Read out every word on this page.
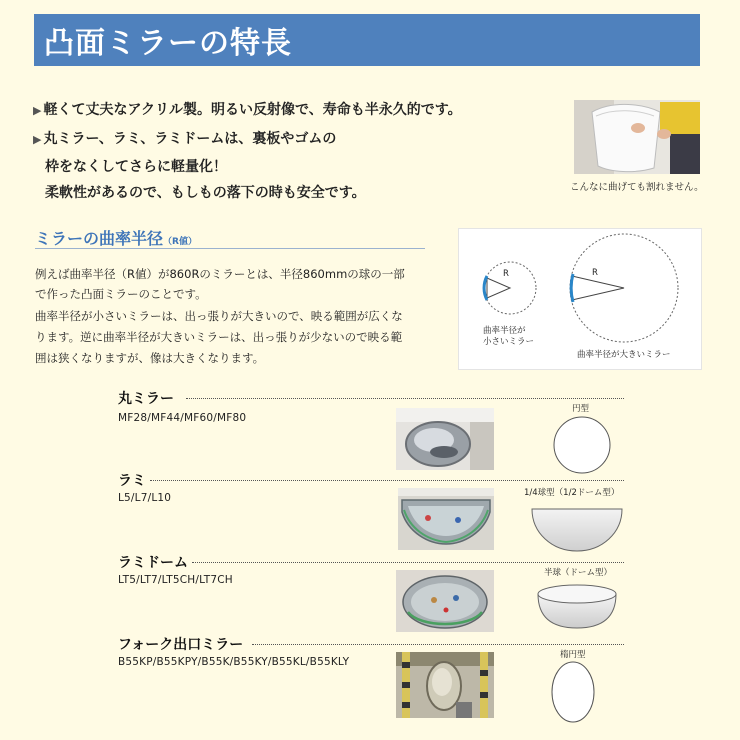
凸面ミラーの特長
▶ 軽くて丈夫なアクリル製。明るい反射像で、寿命も半永久的です。
▶ 丸ミラー、ラミ、ラミドームは、裏板やゴムの
枠をなくしてさらに軽量化！
柔軟性があるので、もしもの落下の時も安全です。	こんなに曲げても割れません。
ミラーの曲率半径（R値）
例えば曲率半径（R値）が860Rのミラーとは、半径860mmの球の一部
で作った凸面ミラーのことです。
曲率半径が小さいミラーは、出っ張りが大きいので、映る範囲が広くな
ります。逆に曲率半径が大きいミラーは、出っ張りが少ないので映る範
囲は狭くなりますが、像は大きくなります。
R	R
曲率半径が
小さいミラー
曲率半径が大きいミラー
丸ミラー
MF28/MF44/MF60/MF80
円型
ラミ
L5/L7/L10	1/4球型（1/2ドーム型）
ラミドーム
LT5/LT7/LT5CH/LT7CH
半球（ドーム型）
フォーク出口ミラー
B55KP/B55KPY/B55K/B55KY/B55KL/B55KLY
楕円型
